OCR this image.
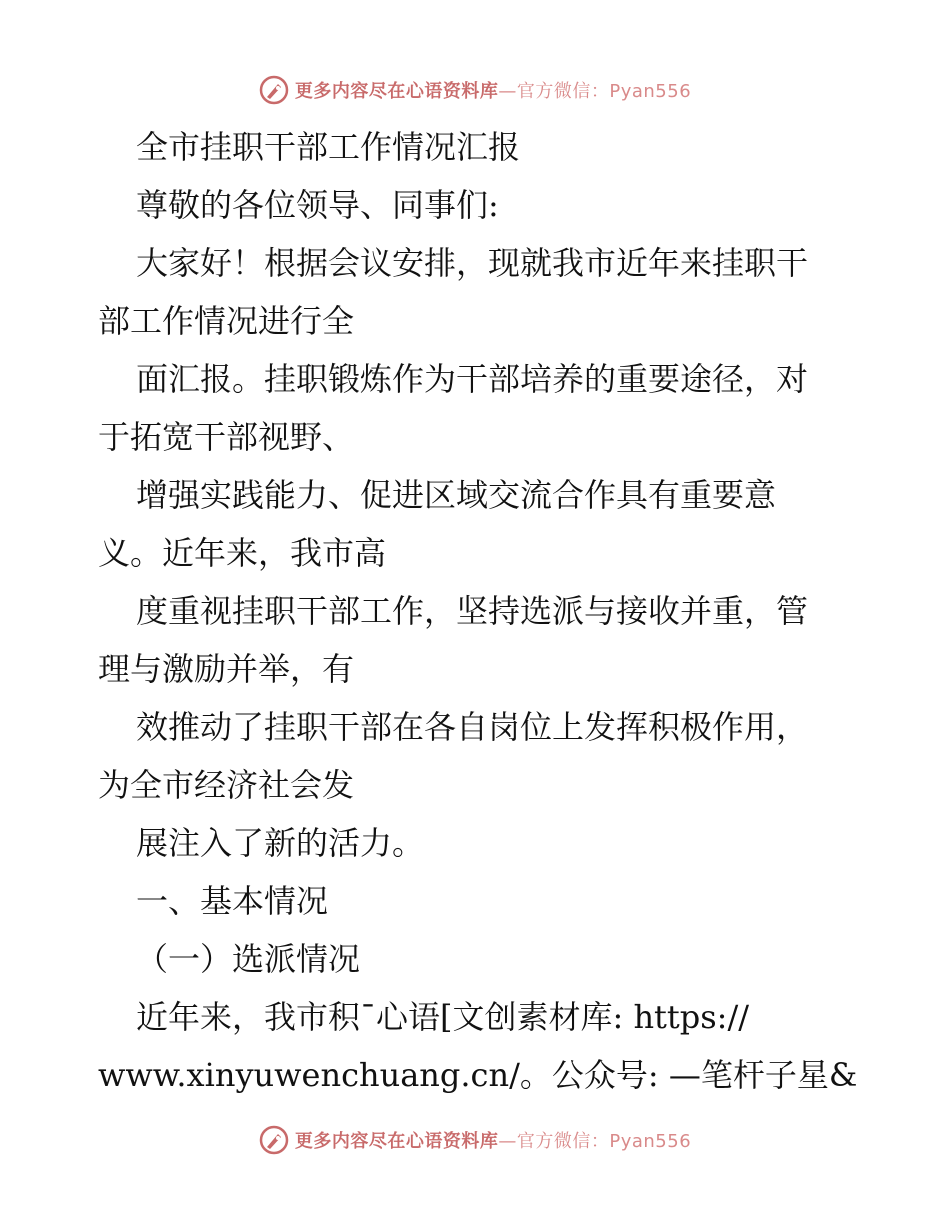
更多内容尽在心语资料库—官方微信：Pyan556
全市挂职干部工作情况汇报
尊敬的各位领导、同事们:
大家好！根据会议安排，现就我市近年来挂职干
部工作情况进行全
面汇报。挂职锻炼作为干部培养的重要途径，对
于拓宽干部视野、
增强实践能力、促进区域交流合作具有重要意
义。近年来，我市高
度重视挂职干部工作，坚持选派与接收并重，管
理与激励并举，有
效推动了挂职干部在各自岗位上发挥积极作用，
为全市经济社会发
展注入了新的活力。
一、基本情况
（一）选派情况
近年来，我市积¯心语[文创素材库: https://
www.xinyuwenchuang.cn/。公众号: —笔杆子星&
更多内容尽在心语资料库—官方微信：Pyan556
